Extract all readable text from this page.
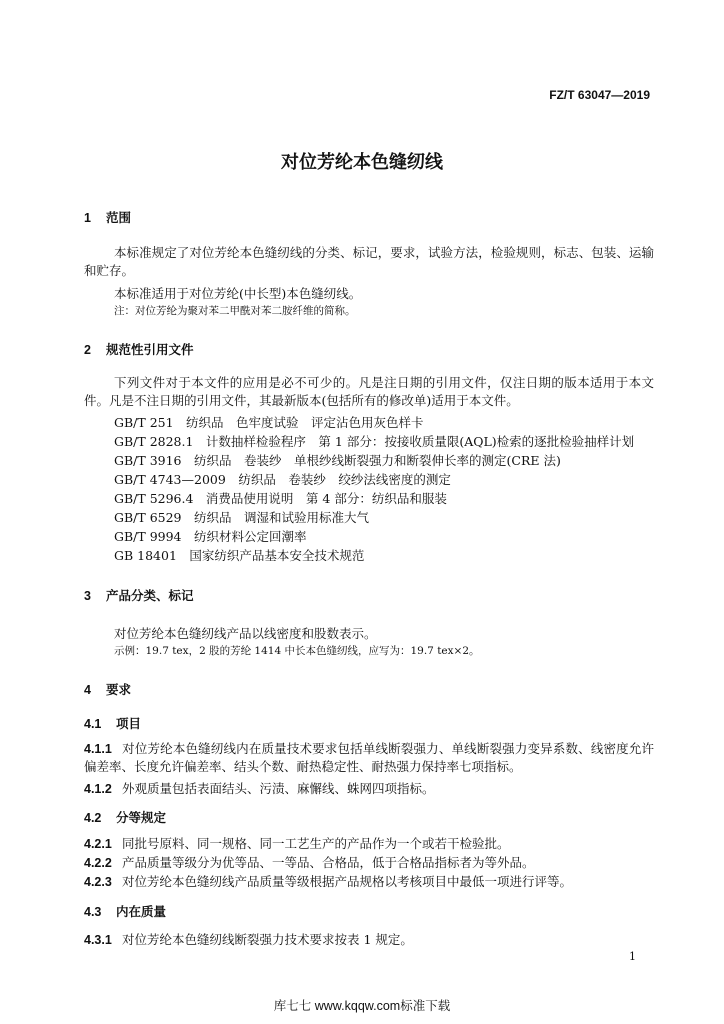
FZ/T 63047—2019
对位芳纶本色缝纫线
1 范围
本标准规定了对位芳纶本色缝纫线的分类、标记，要求，试验方法，检验规则，标志、包装、运输和贮存。
本标准适用于对位芳纶(中长型)本色缝纫线。
注：对位芳纶为聚对苯二甲酰对苯二胺纤维的简称。
2 规范性引用文件
下列文件对于本文件的应用是必不可少的。凡是注日期的引用文件，仅注日期的版本适用于本文件。凡是不注日期的引用文件，其最新版本(包括所有的修改单)适用于本文件。
GB/T 251　纺织品　色牢度试验　评定沾色用灰色样卡
GB/T 2828.1　计数抽样检验程序　第 1 部分：按接收质量限(AQL)检索的逐批检验抽样计划
GB/T 3916　纺织品　卷装纱　单根纱线断裂强力和断裂伸长率的测定(CRE 法)
GB/T 4743—2009　纺织品　卷装纱　绞纱法线密度的测定
GB/T 5296.4　消费品使用说明　第 4 部分：纺织品和服装
GB/T 6529　纺织品　调湿和试验用标准大气
GB/T 9994　纺织材料公定回潮率
GB 18401　国家纺织产品基本安全技术规范
3 产品分类、标记
对位芳纶本色缝纫线产品以线密度和股数表示。
示例：19.7 tex，2 股的芳纶 1414 中长本色缝纫线，应写为：19.7 tex×2。
4 要求
4.1 项目
4.1.1 对位芳纶本色缝纫线内在质量技术要求包括单线断裂强力、单线断裂强力变异系数、线密度允许偏差率、长度允许偏差率、结头个数、耐热稳定性、耐热强力保持率七项指标。
4.1.2 外观质量包括表面结头、污渍、麻懈线、蛛网四项指标。
4.2 分等规定
4.2.1 同批号原料、同一规格、同一工艺生产的产品作为一个或若干检验批。
4.2.2 产品质量等级分为优等品、一等品、合格品，低于合格品指标者为等外品。
4.2.3 对位芳纶本色缝纫线产品质量等级根据产品规格以考核项目中最低一项进行评等。
4.3 内在质量
4.3.1 对位芳纶本色缝纫线断裂强力技术要求按表 1 规定。
1
库七七 www.kqqw.com标准下载
